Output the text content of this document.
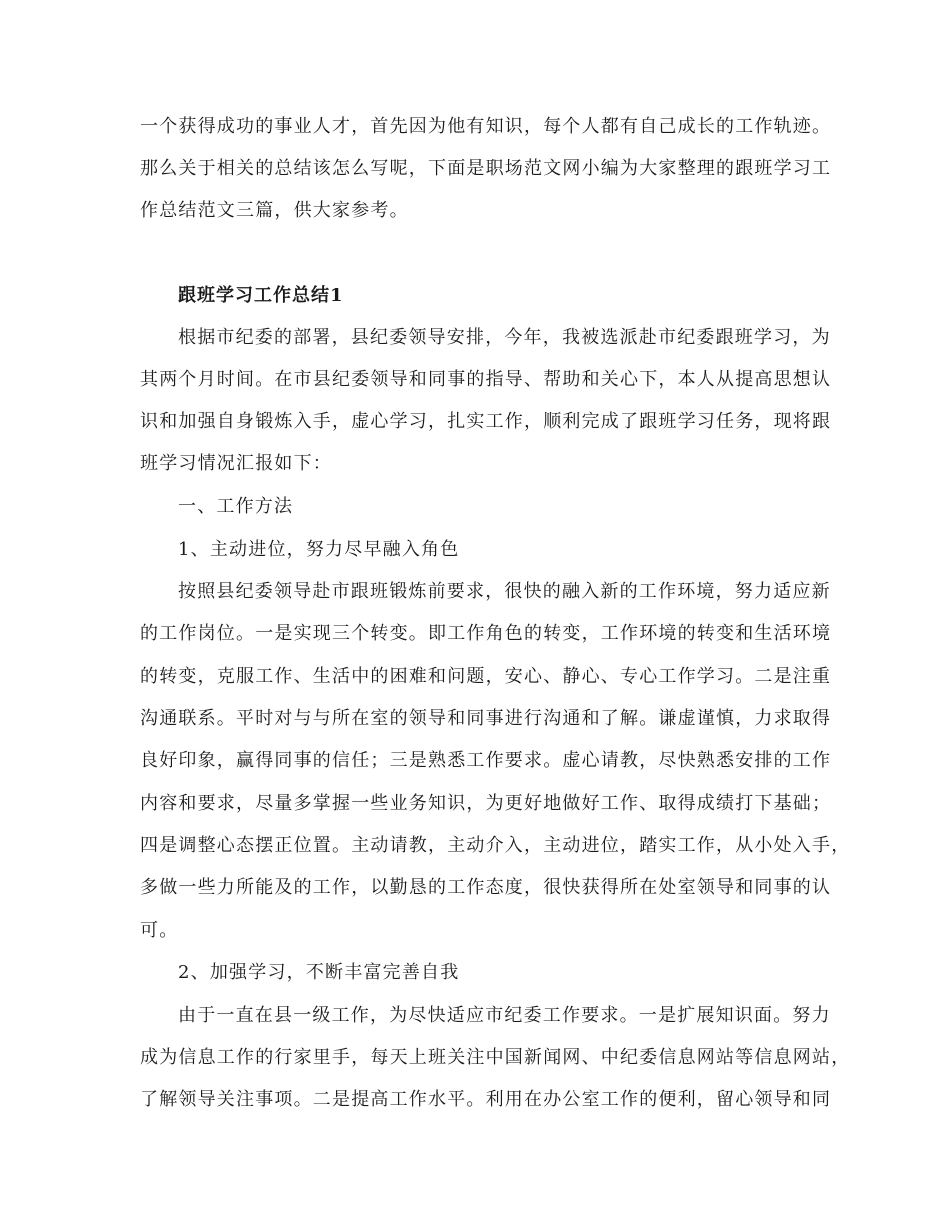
一个获得成功的事业人才，首先因为他有知识，每个人都有自己成长的工作轨迹。
那么关于相关的总结该怎么写呢，下面是职场范文网小编为大家整理的跟班学习工
作总结范文三篇，供大家参考。
跟班学习工作总结1
根据市纪委的部署，县纪委领导安排，今年，我被选派赴市纪委跟班学习，为
其两个月时间。在市县纪委领导和同事的指导、帮助和关心下，本人从提高思想认
识和加强自身锻炼入手，虚心学习，扎实工作，顺利完成了跟班学习任务，现将跟
班学习情况汇报如下：
一、工作方法
1、主动进位，努力尽早融入角色
按照县纪委领导赴市跟班锻炼前要求，很快的融入新的工作环境，努力适应新
的工作岗位。一是实现三个转变。即工作角色的转变，工作环境的转变和生活环境
的转变，克服工作、生活中的困难和问题，安心、静心、专心工作学习。二是注重
沟通联系。平时对与与所在室的领导和同事进行沟通和了解。谦虚谨慎，力求取得
良好印象，赢得同事的信任；三是熟悉工作要求。虚心请教，尽快熟悉安排的工作
内容和要求，尽量多掌握一些业务知识，为更好地做好工作、取得成绩打下基础；
四是调整心态摆正位置。主动请教，主动介入，主动进位，踏实工作，从小处入手，
多做一些力所能及的工作，以勤恳的工作态度，很快获得所在处室领导和同事的认
可。
2、加强学习，不断丰富完善自我
由于一直在县一级工作，为尽快适应市纪委工作要求。一是扩展知识面。努力
成为信息工作的行家里手，每天上班关注中国新闻网、中纪委信息网站等信息网站，
了解领导关注事项。二是提高工作水平。利用在办公室工作的便利，留心领导和同
